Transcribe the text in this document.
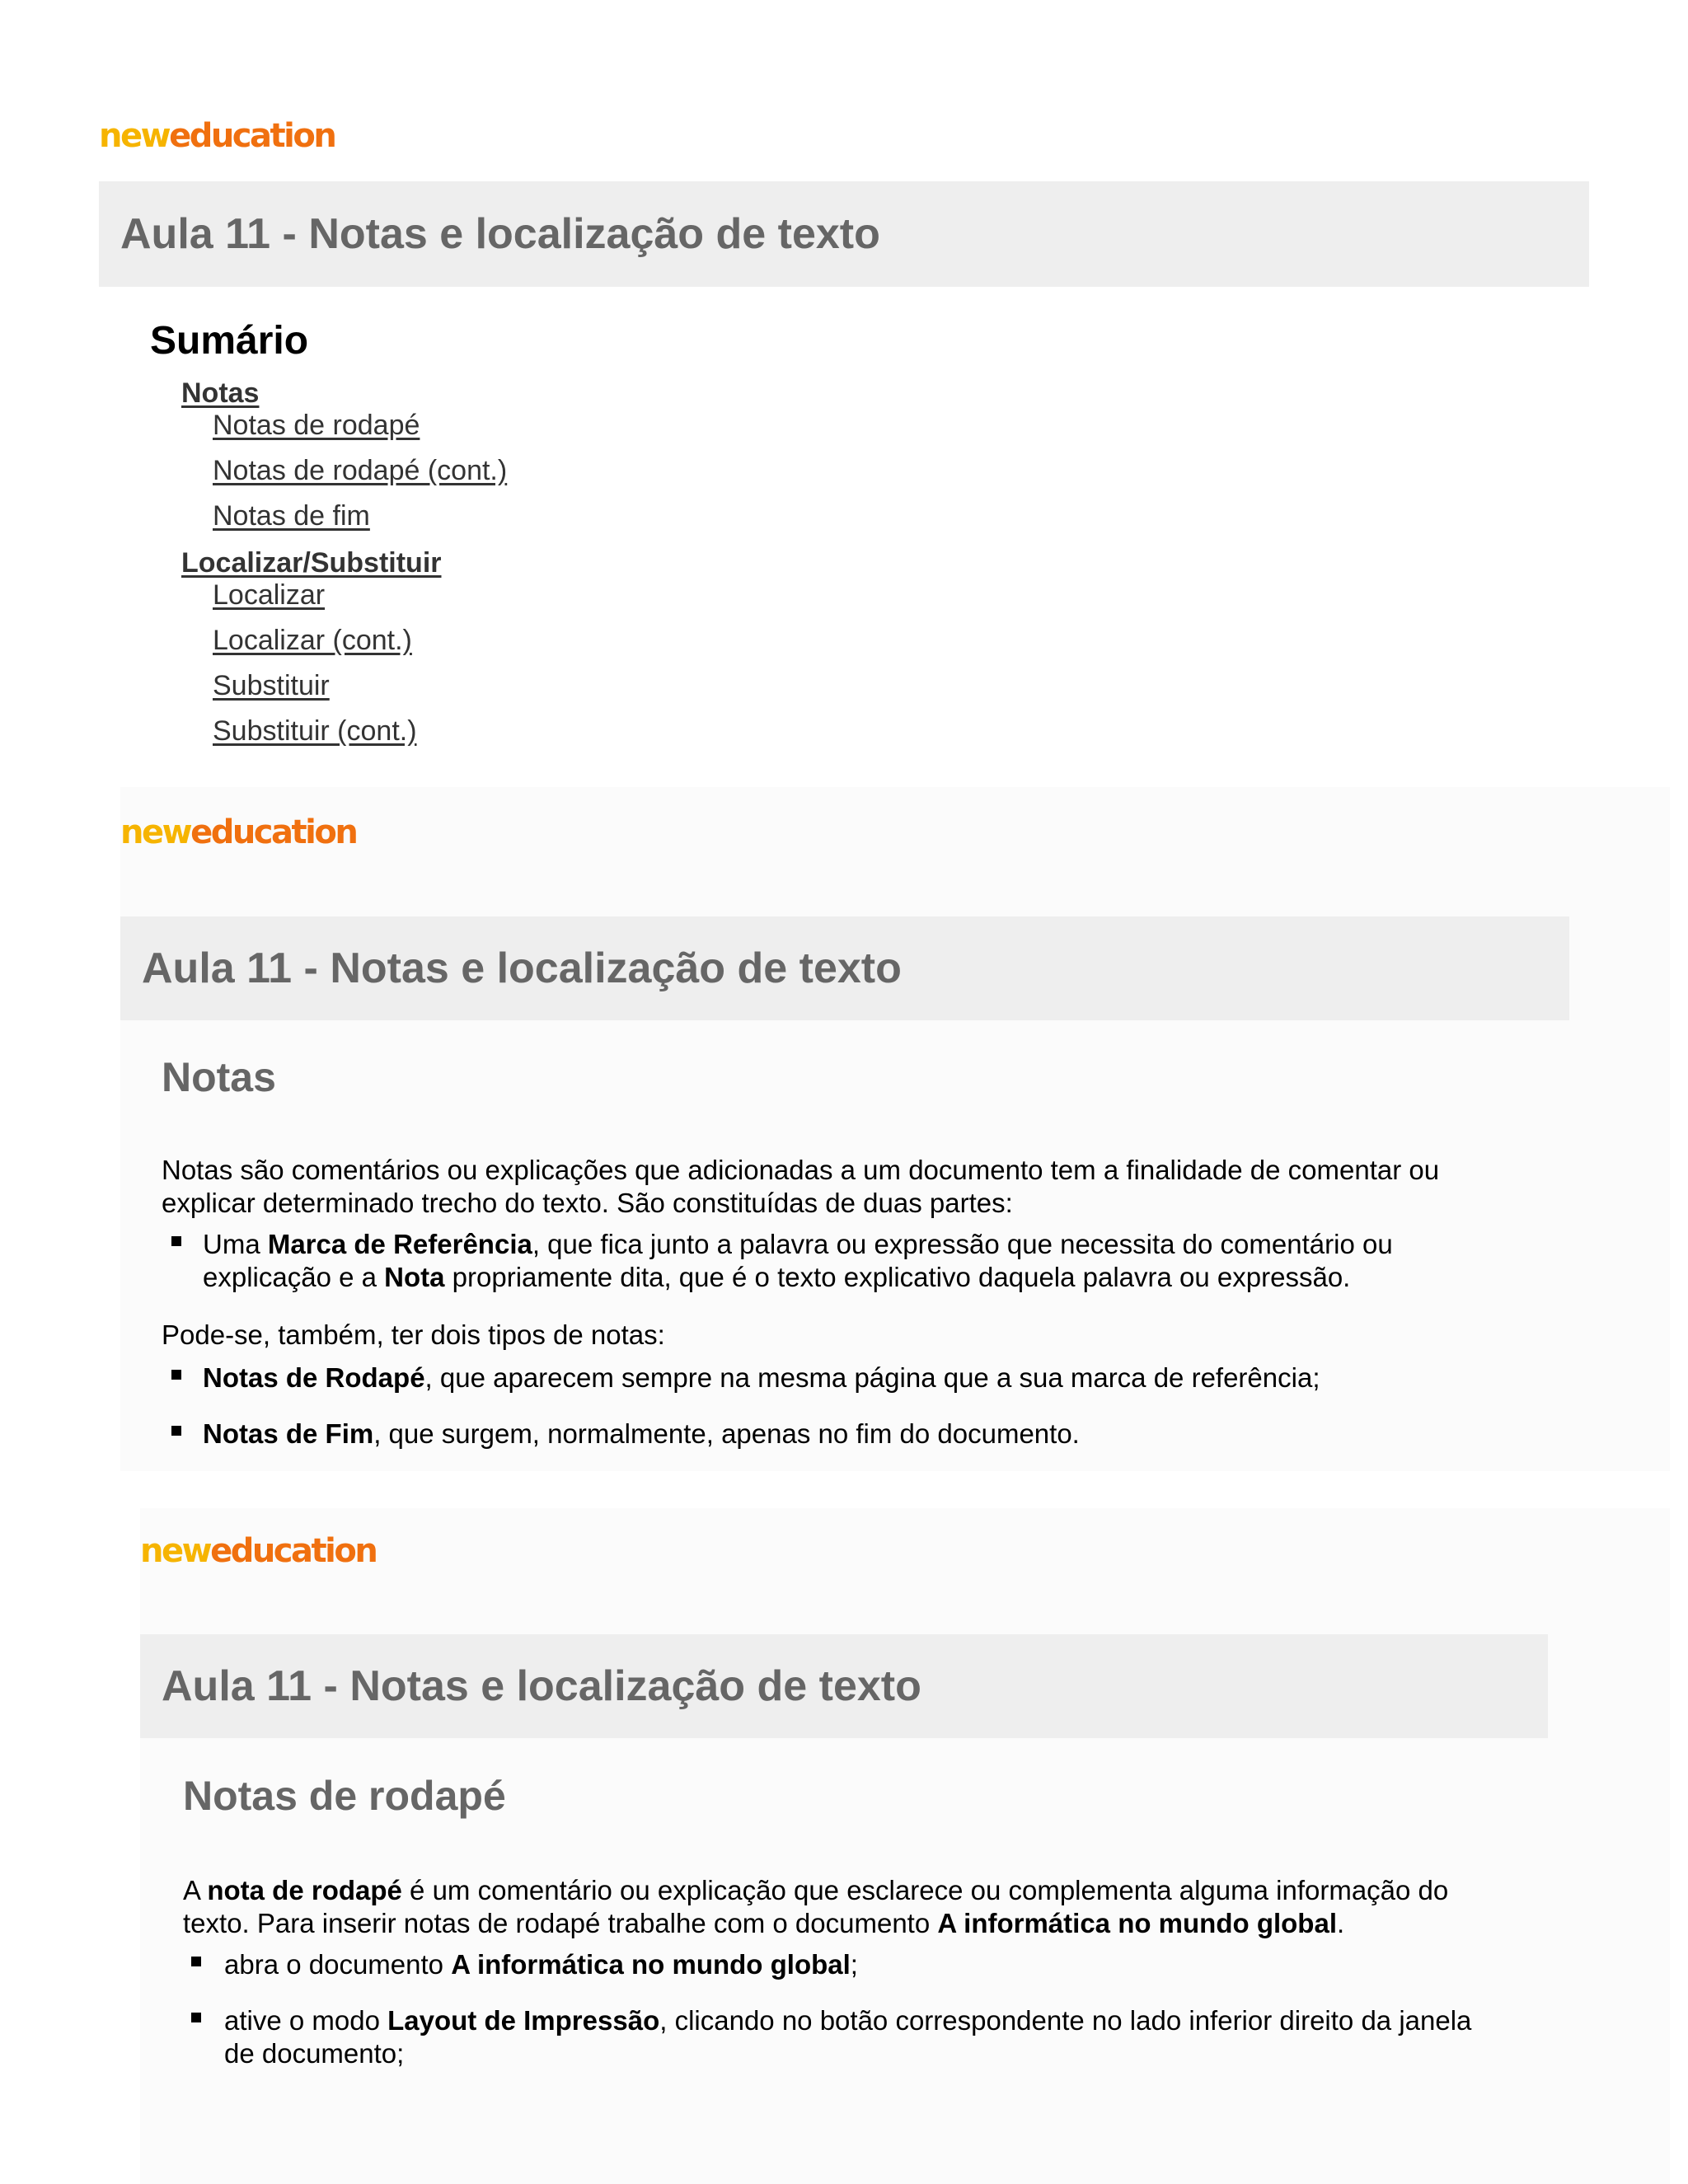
neweducation
Aula 11 - Notas e localização de texto
Sumário
Notas
Notas de rodapé
Notas de rodapé (cont.)
Notas de fim
Localizar/Substituir
Localizar
Localizar (cont.)
Substituir
Substituir (cont.)
neweducation
Aula 11 - Notas e localização de texto
Notas
Notas são comentários ou explicações que adicionadas a um documento tem a finalidade de comentar ou
explicar determinado trecho do texto. São constituídas de duas partes:
Uma Marca de Referência, que fica junto a palavra ou expressão que necessita do comentário ou
explicação e a Nota propriamente dita, que é o texto explicativo daquela palavra ou expressão.
Pode-se, também, ter dois tipos de notas:
Notas de Rodapé, que aparecem sempre na mesma página que a sua marca de referência;
Notas de Fim, que surgem, normalmente, apenas no fim do documento.
neweducation
Aula 11 - Notas e localização de texto
Notas de rodapé
A nota de rodapé é um comentário ou explicação que esclarece ou complementa alguma informação do
texto. Para inserir notas de rodapé trabalhe com o documento A informática no mundo global.
abra o documento A informática no mundo global;
ative o modo Layout de Impressão, clicando no botão correspondente no lado inferior direito da janela
de documento;
